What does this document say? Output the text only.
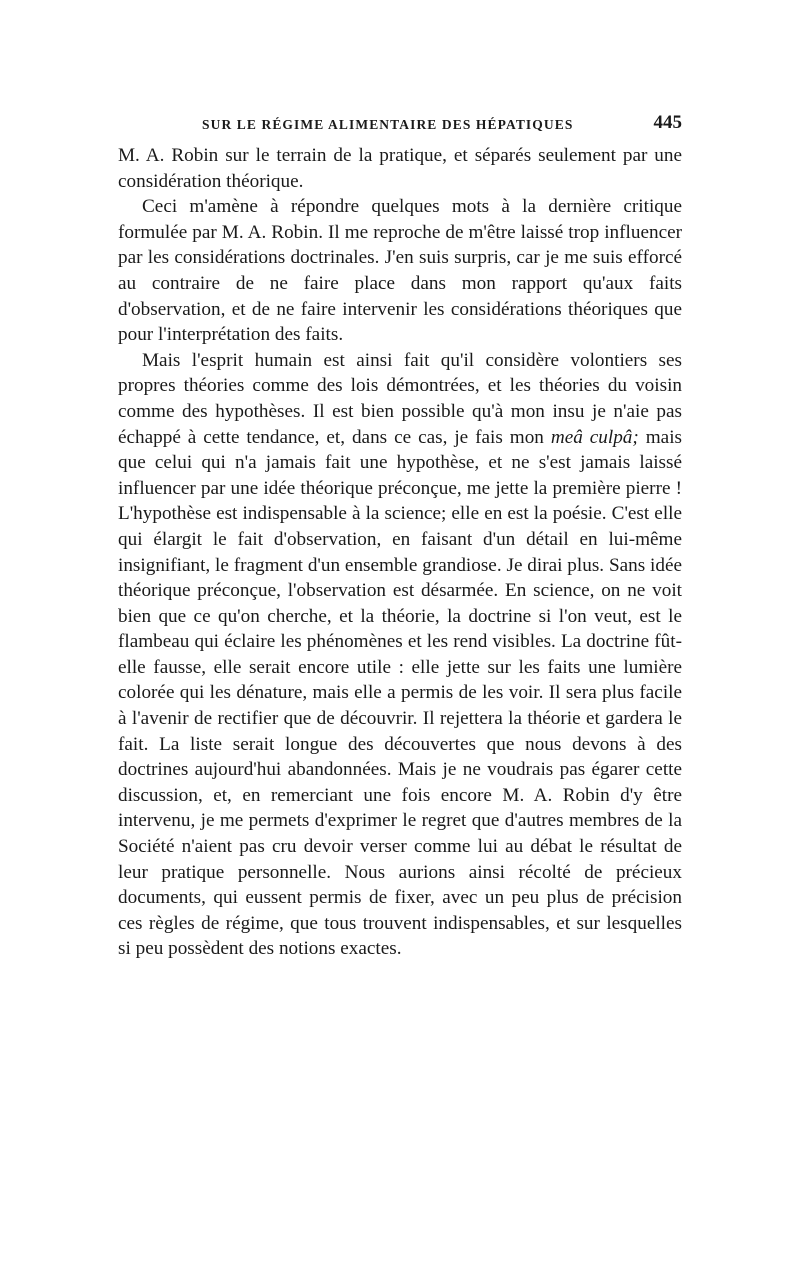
SUR LE RÉGIME ALIMENTAIRE DES HÉPATIQUES	445

M. A. Robin sur le terrain de la pratique, et séparés seulement par une considération théorique.

Ceci m'amène à répondre quelques mots à la dernière critique formulée par M. A. Robin. Il me reproche de m'être laissé trop influencer par les considérations doctrinales. J'en suis surpris, car je me suis efforcé au contraire de ne faire place dans mon rapport qu'aux faits d'observation, et de ne faire intervenir les considérations théoriques que pour l'interprétation des faits.

Mais l'esprit humain est ainsi fait qu'il considère volontiers ses propres théories comme des lois démontrées, et les théories du voisin comme des hypothèses. Il est bien possible qu'à mon insu je n'aie pas échappé à cette tendance, et, dans ce cas, je fais mon meâ culpâ; mais que celui qui n'a jamais fait une hypothèse, et ne s'est jamais laissé influencer par une idée théorique préconçue, me jette la première pierre ! L'hypothèse est indispensable à la science; elle en est la poésie. C'est elle qui élargit le fait d'observation, en faisant d'un détail en lui-même insignifiant, le fragment d'un ensemble grandiose. Je dirai plus. Sans idée théorique préconçue, l'observation est désarmée. En science, on ne voit bien que ce qu'on cherche, et la théorie, la doctrine si l'on veut, est le flambeau qui éclaire les phénomènes et les rend visibles. La doctrine fût-elle fausse, elle serait encore utile : elle jette sur les faits une lumière colorée qui les dénature, mais elle a permis de les voir. Il sera plus facile à l'avenir de rectifier que de découvrir. Il rejettera la théorie et gardera le fait. La liste serait longue des découvertes que nous devons à des doctrines aujourd'hui abandonnées. Mais je ne voudrais pas égarer cette discussion, et, en remerciant une fois encore M. A. Robin d'y être intervenu, je me permets d'exprimer le regret que d'autres membres de la Société n'aient pas cru devoir verser comme lui au débat le résultat de leur pratique personnelle. Nous aurions ainsi récolté de précieux documents, qui eussent permis de fixer, avec un peu plus de précision ces règles de régime, que tous trouvent indispensables, et sur lesquelles si peu possèdent des notions exactes.
